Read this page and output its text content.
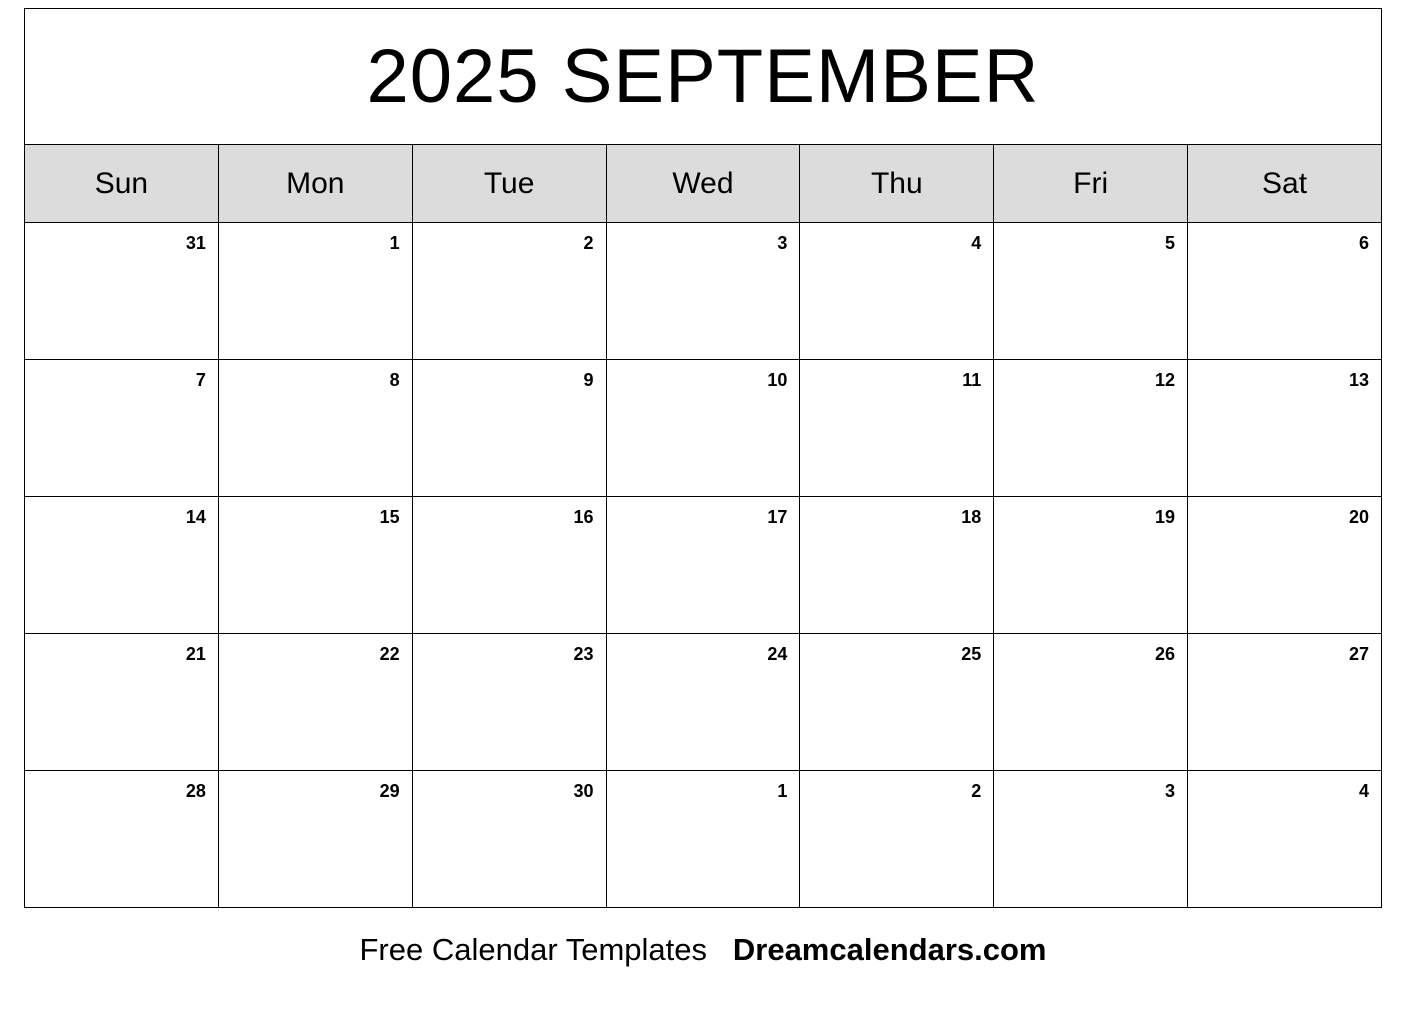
2025 SEPTEMBER
Sun	Mon	Tue	Wed	Thu	Fri	Sat
31	1	2	3	4	5	6
7	8	9	10	11	12	13
14	15	16	17	18	19	20
21	22	23	24	25	26	27
28	29	30	1	2	3	4
Free Calendar Templates Dreamcalendars.com
